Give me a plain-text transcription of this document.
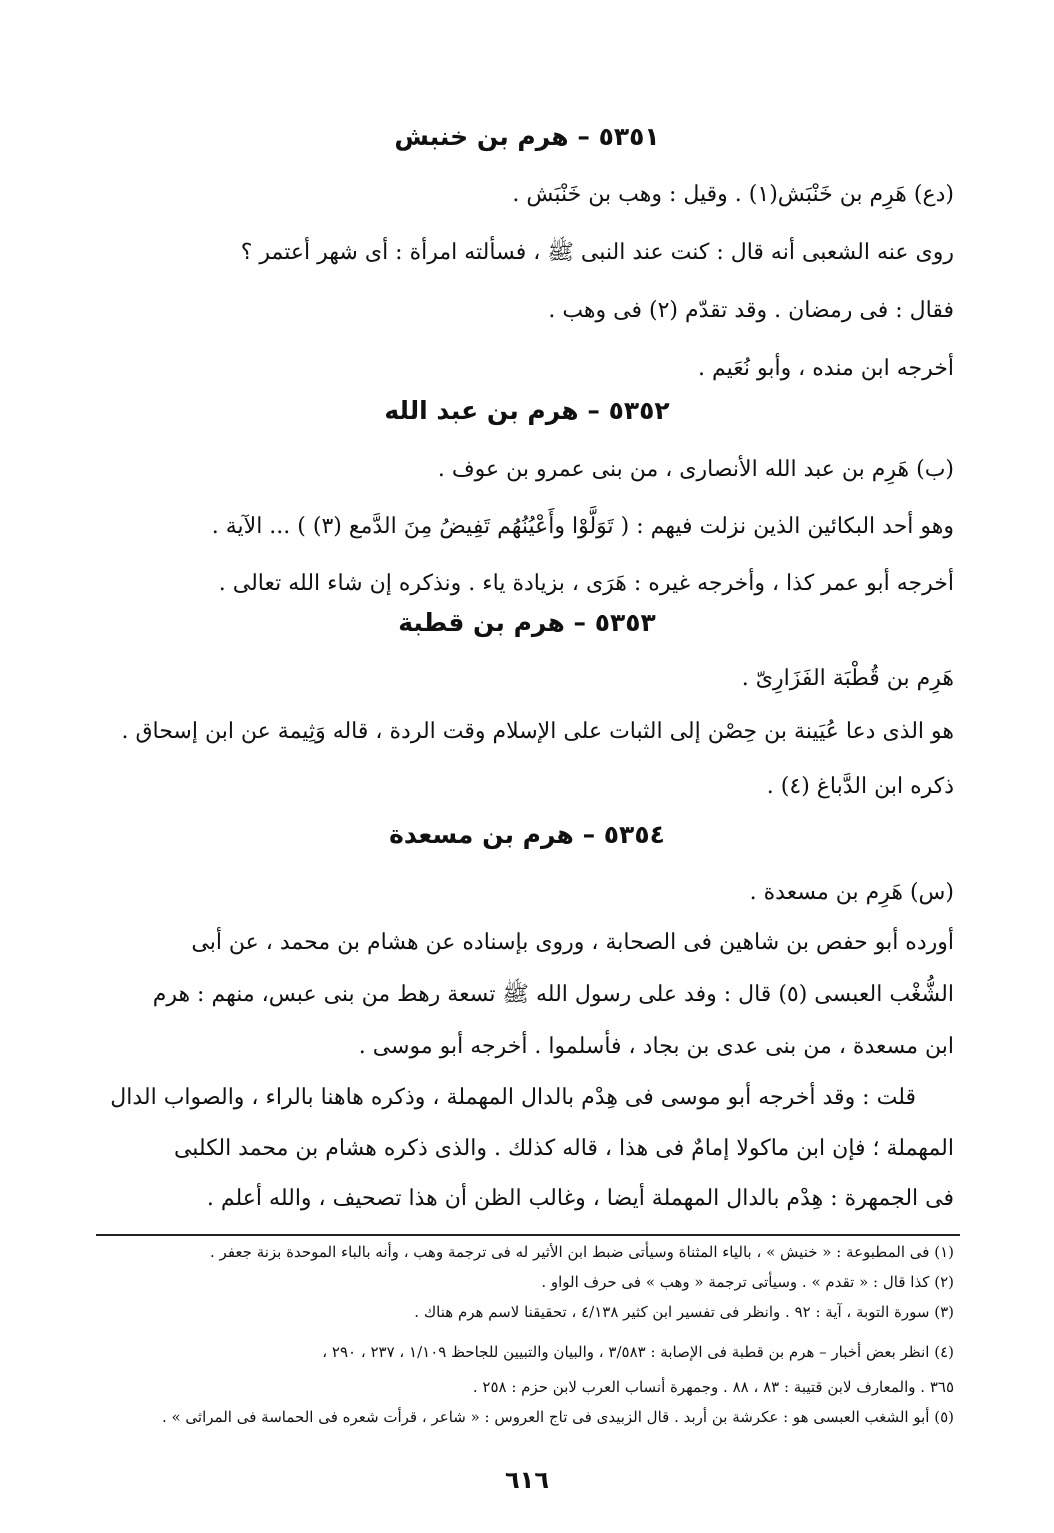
٥٣٥١ – هرم بن خنبش
(دع) هَرِم بن خَنْبَش(١) . وقيل : وهب بن خَنْبَش .
روى عنه الشعبى أنه قال : كنت عند النبى ﷺ ، فسألته امرأة : أى شهر أعتمر ؟
فقال : فى رمضان . وقد تقدّم (٢) فى وهب .
أخرجه ابن منده ، وأبو نُعَيم .
٥٣٥٢ – هرم بن عبد الله
(ب) هَرِم بن عبد الله الأنصارى ، من بنى عمرو بن عوف .
وهو أحد البكائين الذين نزلت فيهم : ( تَوَلَّوْا وأَعْيُنُهُم تَفِيضُ مِنَ الدَّمع (٣) ) ... الآية .
أخرجه أبو عمر كذا ، وأخرجه غيره : هَرَى ، بزيادة ياء . ونذكره إن شاء الله تعالى .
٥٣٥٣ – هرم بن قطبة
هَرِم بن قُطْبَة الفَزَارِىّ .
هو الذى دعا عُيَينة بن حِصْن إلى الثبات على الإسلام وقت الردة ، قاله وَثِيمة عن ابن إسحاق .
ذكره ابن الدَّباغ (٤) .
٥٣٥٤ – هرم بن مسعدة
(س) هَرِم بن مسعدة .
أورده أبو حفص بن شاهين فى الصحابة ، وروى بإسناده عن هشام بن محمد ، عن أبى
الشُّغْب العبسى (٥) قال : وفد على رسول الله ﷺ تسعة رهط من بنى عبس، منهم : هرم
ابن مسعدة ، من بنى عدى بن بجاد ، فأسلموا . أخرجه أبو موسى .
قلت : وقد أخرجه أبو موسى فى هِدْم بالدال المهملة ، وذكره هاهنا بالراء ، والصواب الدال
المهملة ؛ فإن ابن ماكولا إمامٌ فى هذا ، قاله كذلك . والذى ذكره هشام بن محمد الكلبى
فى الجمهرة : هِدْم بالدال المهملة أيضا ، وغالب الظن أن هذا تصحيف ، والله أعلم .
(١) فى المطبوعة : « خنيش » ، بالياء المثناة وسيأتى ضبط ابن الأثير له فى ترجمة وهب ، وأنه بالباء الموحدة بزنة جعفر .
(٢) كذا قال : « تقدم » . وسيأتى ترجمة « وهب » فى حرف الواو .
(٣) سورة التوبة ، آية : ٩٢ . وانظر فى تفسير ابن كثير ٤/١٣٨ ، تحقيقنا لاسم هرم هناك .
(٤) انظر بعض أخبار – هرم بن قطبة فى الإصابة : ٣/٥٨٣ ، والبيان والتبيين للجاحظ ١/١٠٩ ، ٢٣٧ ، ٢٩٠ ،
٣٦٥ . والمعارف لابن قتيبة : ٨٣ ، ٨٨ . وجمهرة أنساب العرب لابن حزم : ٢٥٨ .
(٥) أبو الشغب العبسى هو : عكرشة بن أربد . قال الزبيدى فى تاج العروس : « شاعر ، قرأت شعره فى الحماسة فى المراثى » .
٦١٦
